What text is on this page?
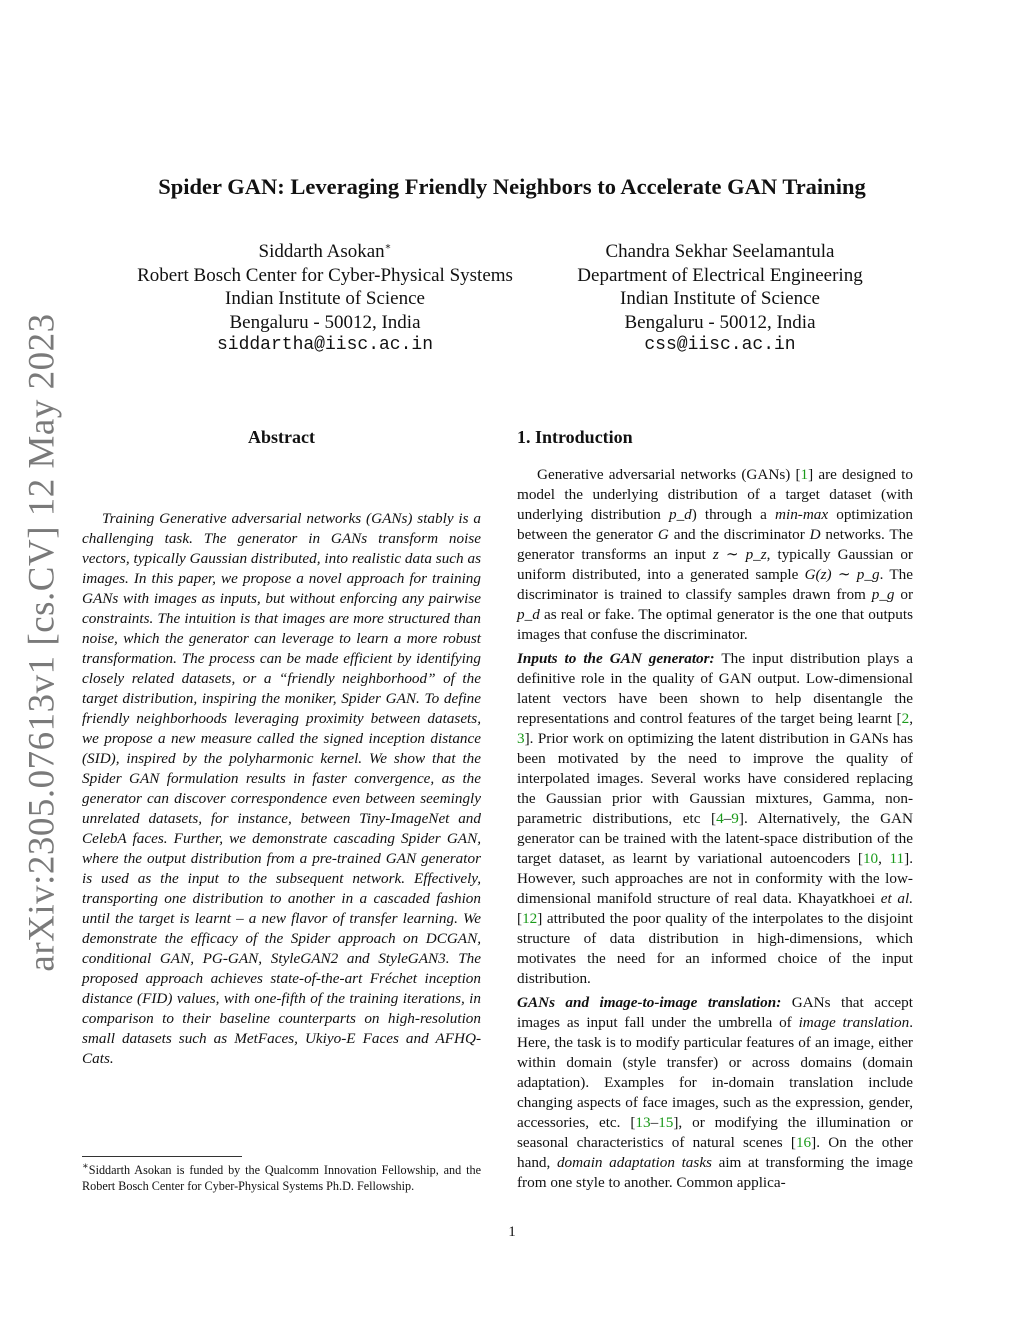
arXiv:2305.07613v1 [cs.CV] 12 May 2023
Spider GAN: Leveraging Friendly Neighbors to Accelerate GAN Training
Siddarth Asokan∗
Robert Bosch Center for Cyber-Physical Systems
Indian Institute of Science
Bengaluru - 50012, India
siddartha@iisc.ac.in
Chandra Sekhar Seelamantula
Department of Electrical Engineering
Indian Institute of Science
Bengaluru - 50012, India
css@iisc.ac.in
Abstract

Training Generative adversarial networks (GANs) stably is a challenging task. The generator in GANs transform noise vectors, typically Gaussian distributed, into realistic data such as images. In this paper, we propose a novel approach for training GANs with images as inputs, but without enforcing any pairwise constraints. The intuition is that images are more structured than noise, which the generator can leverage to learn a more robust transformation. The process can be made efficient by identifying closely related datasets, or a “friendly neighborhood” of the target distribution, inspiring the moniker, Spider GAN. To define friendly neighborhoods leveraging proximity between datasets, we propose a new measure called the signed inception distance (SID), inspired by the polyharmonic kernel. We show that the Spider GAN formulation results in faster convergence, as the generator can discover correspondence even between seemingly unrelated datasets, for instance, between Tiny-ImageNet and CelebA faces. Further, we demonstrate cascading Spider GAN, where the output distribution from a pre-trained GAN generator is used as the input to the subsequent network. Effectively, transporting one distribution to another in a cascaded fashion until the target is learnt – a new flavor of transfer learning. We demonstrate the efficacy of the Spider approach on DCGAN, conditional GAN, PG-GAN, StyleGAN2 and StyleGAN3. The proposed approach achieves state-of-the-art Fréchet inception distance (FID) values, with one-fifth of the training iterations, in comparison to their baseline counterparts on high-resolution small datasets such as MetFaces, Ukiyo-E Faces and AFHQ-Cats.

∗Siddarth Asokan is funded by the Qualcomm Innovation Fellowship, and the Robert Bosch Center for Cyber-Physical Systems Ph.D. Fellowship.
1. Introduction

Generative adversarial networks (GANs) [1] are designed to model the underlying distribution of a target dataset (with underlying distribution p_d) through a min-max optimization between the generator G and the discriminator D networks. The generator transforms an input z ∼ p_z, typically Gaussian or uniform distributed, into a generated sample G(z) ∼ p_g. The discriminator is trained to classify samples drawn from p_g or p_d as real or fake. The optimal generator is the one that outputs images that confuse the discriminator.

Inputs to the GAN generator: The input distribution plays a definitive role in the quality of GAN output. Low-dimensional latent vectors have been shown to help disentangle the representations and control features of the target being learnt [2, 3]. Prior work on optimizing the latent distribution in GANs has been motivated by the need to improve the quality of interpolated images. Several works have considered replacing the Gaussian prior with Gaussian mixtures, Gamma, non-parametric distributions, etc [4–9]. Alternatively, the GAN generator can be trained with the latent-space distribution of the target dataset, as learnt by variational autoencoders [10, 11]. However, such approaches are not in conformity with the low-dimensional manifold structure of real data. Khayatkhoei et al. [12] attributed the poor quality of the interpolates to the disjoint structure of data distribution in high-dimensions, which motivates the need for an informed choice of the input distribution.

GANs and image-to-image translation: GANs that accept images as input fall under the umbrella of image translation. Here, the task is to modify particular features of an image, either within domain (style transfer) or across domains (domain adaptation). Examples for in-domain translation include changing aspects of face images, such as the expression, gender, accessories, etc. [13–15], or modifying the illumination or seasonal characteristics of natural scenes [16]. On the other hand, domain adaptation tasks aim at transforming the image from one style to another. Common applica-

1
